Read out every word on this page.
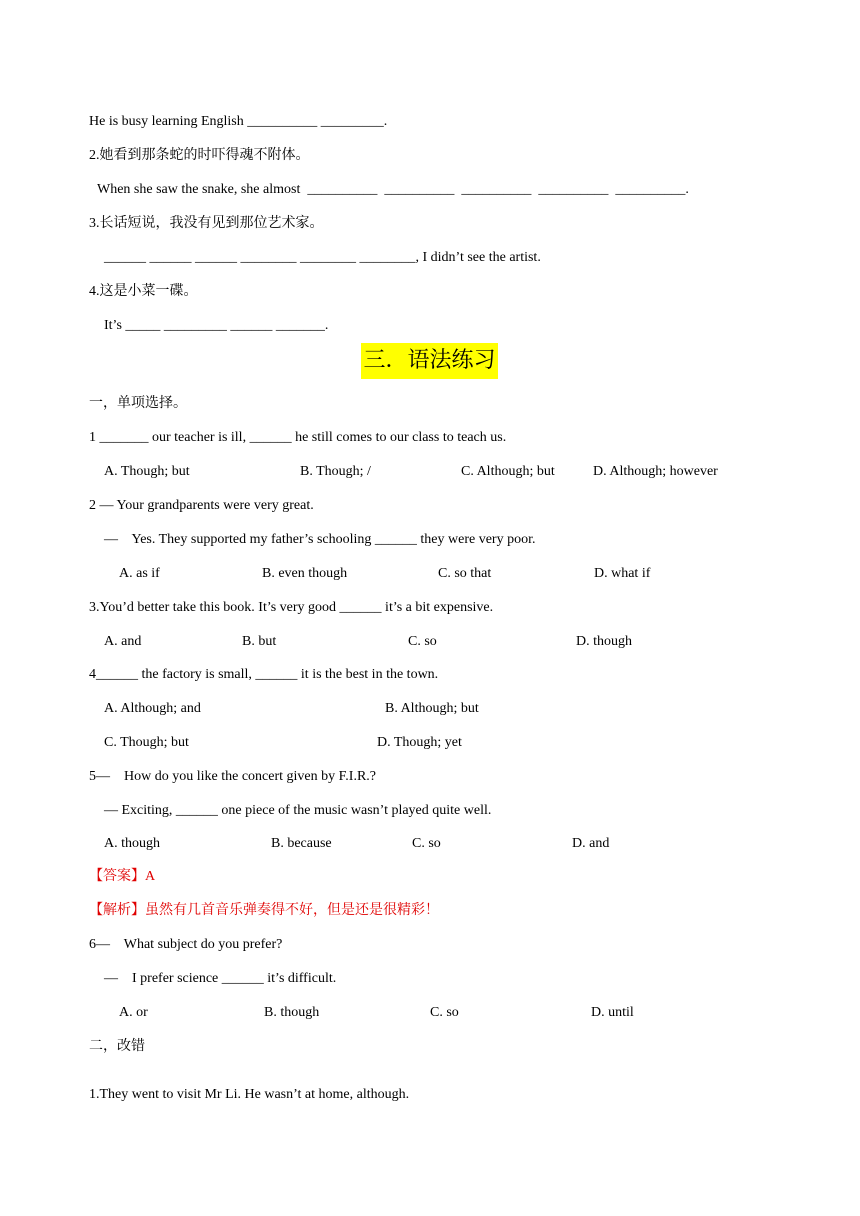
He is busy learning English __________ _________.
2.她看到那条蛇的时吓得魂不附体。
When she saw the snake, she almost  __________  __________  __________  __________  __________.
3.长话短说，我没有见到那位艺术家。
______ ______ ______ ________ ________ ________, I didn’t see the artist.
4.这是小菜一碟。
It’s _____ _________ ______ _______.
三．语法练习
一，单项选择。
1 _______ our teacher is ill, ______ he still comes to our class to teach us.
A. Though; but	B. Though; /	C. Although; but	D. Although; however
2 — Your grandparents were very great.
—    Yes. They supported my father’s schooling ______ they were very poor.
A. as if	B. even though	C. so that	D. what if
3.You’d better take this book. It’s very good ______ it’s a bit expensive.
A. and	B. but	C. so	D. though
4______ the factory is small, ______ it is the best in the town.
A. Although; and	B. Although; but
C. Though; but	D. Though; yet
5—    How do you like the concert given by F.I.R.?
— Exciting, ______ one piece of the music wasn’t played quite well.
A. though	B. because	C. so	D. and
【答案】A
【解析】虽然有几首音乐弹奏得不好，但是还是很精彩！
6—    What subject do you prefer?
—    I prefer science ______ it’s difficult.
A. or	B. though	C. so	D. until
二，改错
1.They went to visit Mr Li. He wasn’t at home, although.
